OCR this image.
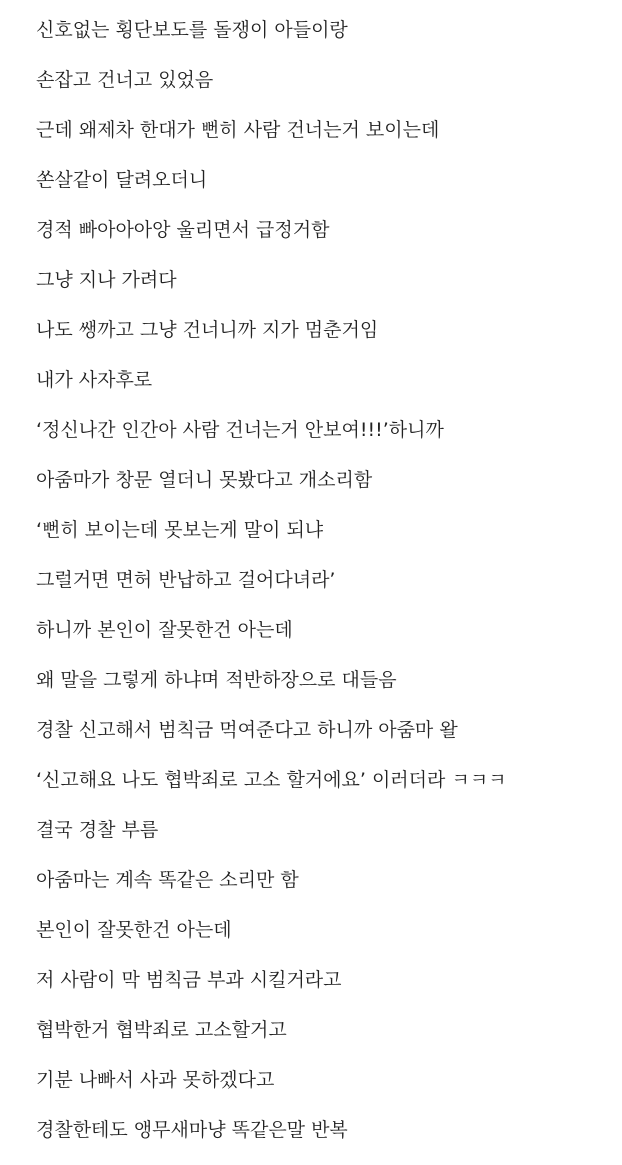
신호없는 횡단보도를 돌쟁이 아들이랑
손잡고 건너고 있었음
근데 왜제차 한대가 뻔히 사람 건너는거 보이는데
쏜살같이 달려오더니
경적 빠아아아앙 울리면서 급정거함
그냥 지나 가려다
나도 쌩까고 그냥 건너니까 지가 멈춘거임
내가 사자후로
‘정신나간 인간아 사람 건너는거 안보여!!!’하니까
아줌마가 창문 열더니 못봤다고 개소리함
‘뻔히 보이는데 못보는게 말이 되냐
그럴거면 면허 반납하고 걸어다녀라’
하니까 본인이 잘못한건 아는데
왜 말을 그렇게 하냐며 적반하장으로 대들음
경찰 신고해서 범칙금 먹여준다고 하니까 아줌마 왈
‘신고해요 나도 협박죄로 고소 할거에요’ 이러더라 ㅋㅋㅋ
결국 경찰 부름
아줌마는 계속 똑같은 소리만 함
본인이 잘못한건 아는데
저 사람이 막 범칙금 부과 시킬거라고
협박한거 협박죄로 고소할거고
기분 나빠서 사과 못하겠다고
경찰한테도 앵무새마냥 똑같은말 반복
